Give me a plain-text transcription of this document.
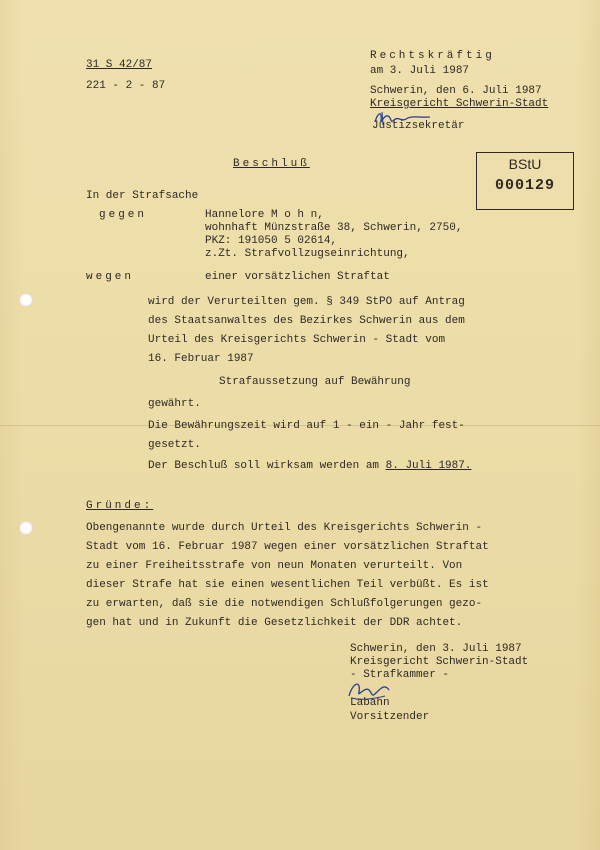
31 S 42/87
221 - 2 - 87
Rechtskräftig
am 3. Juli 1987
Schwerin, den 6. Juli 1987
Kreisgericht Schwerin-Stadt
Justizsekretär
BStU
000129
Beschluß
In der Strafsache
gegen	Hannelore M o h n,
wohnhaft Münzstraße 38, Schwerin, 2750,
PKZ: 191050 5 02614,
z.Zt. Strafvollzugseinrichtung,
wegen	einer vorsätzlichen Straftat
wird der Verurteilten gem. § 349 StPO auf Antrag
des Staatsanwaltes des Bezirkes Schwerin aus dem
Urteil des Kreisgerichts Schwerin - Stadt vom
16. Februar 1987
Strafaussetzung auf Bewährung
gewährt.
Die Bewährungszeit wird auf 1 - ein - Jahr fest-
gesetzt.
Der Beschluß soll wirksam werden am 8. Juli 1987.
Gründe:
Obengenannte wurde durch Urteil des Kreisgerichts Schwerin -
Stadt vom 16. Februar 1987 wegen einer vorsätzlichen Straftat
zu einer Freiheitsstrafe von neun Monaten verurteilt. Von
dieser Strafe hat sie einen wesentlichen Teil verbüßt. Es ist
zu erwarten, daß sie die notwendigen Schlußfolgerungen gezo-
gen hat und in Zukunft die Gesetzlichkeit der DDR achtet.
Schwerin, den 3. Juli 1987
Kreisgericht Schwerin-Stadt
- Strafkammer -
Labahn
Vorsitzender
